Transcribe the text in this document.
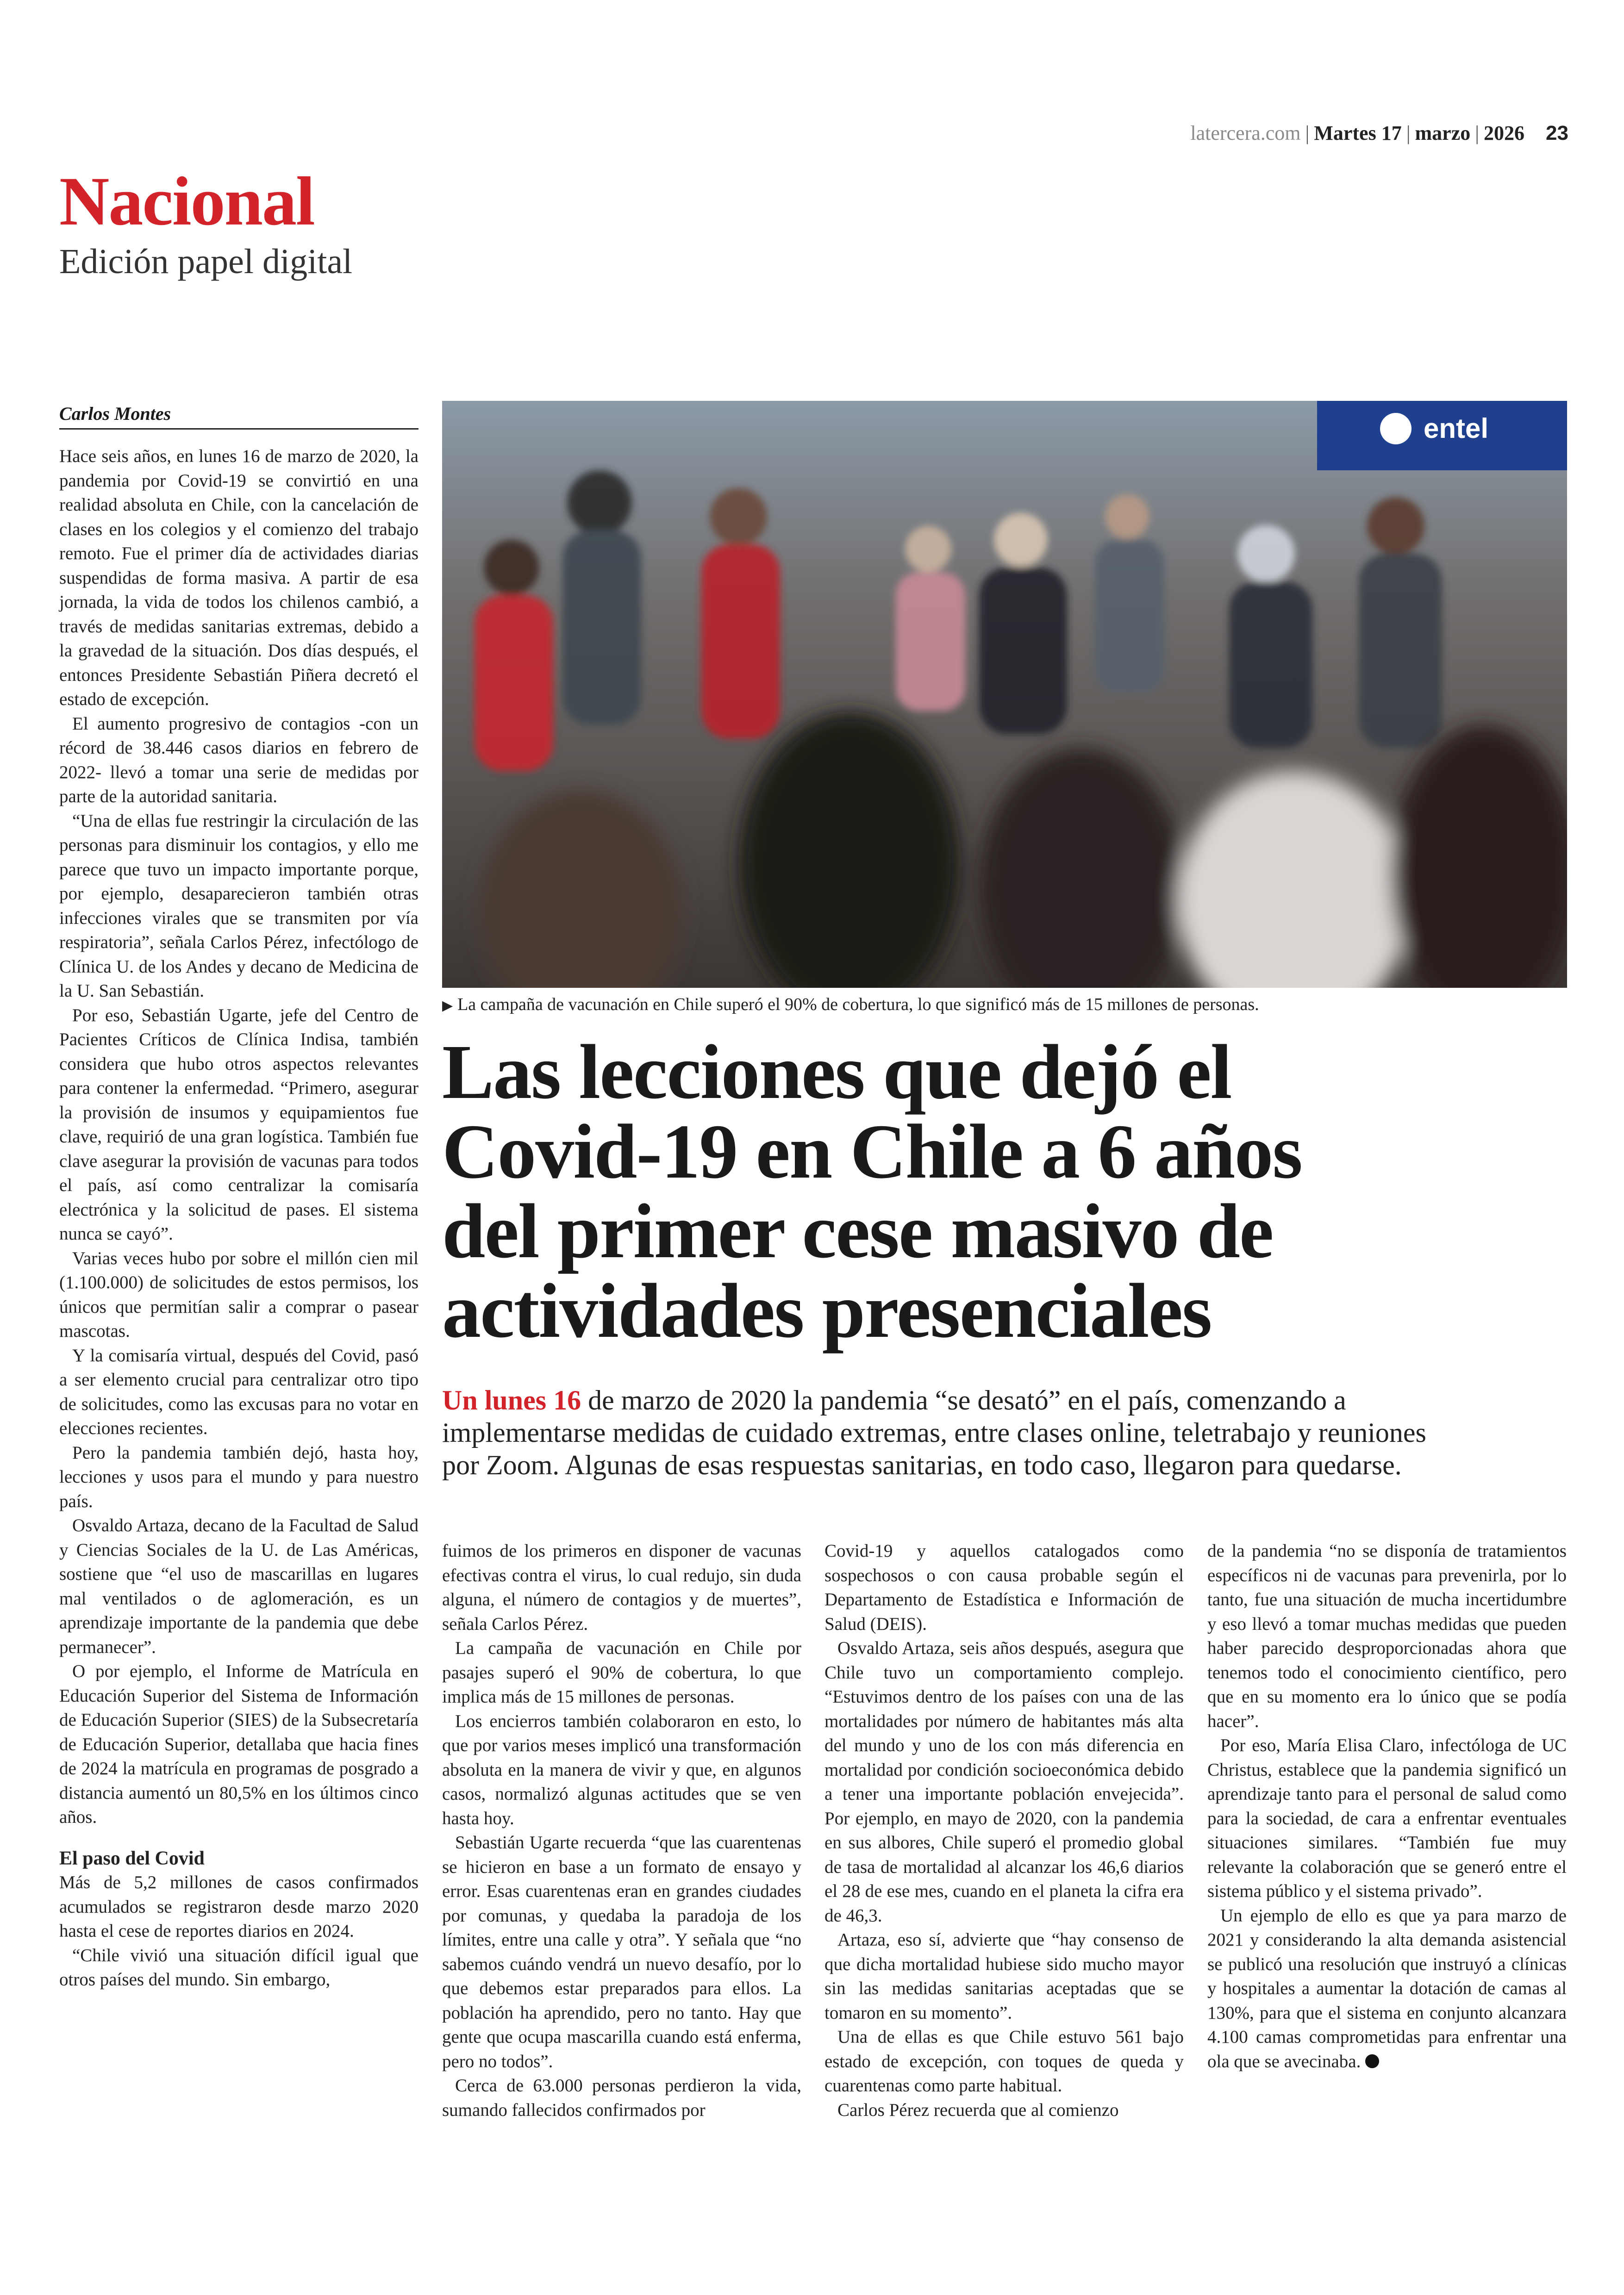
latercera.com | Martes 17 | marzo | 2026 23
Nacional
Edición papel digital
Carlos Montes

Hace seis años, en lunes 16 de marzo de 2020, la pandemia por Covid-19 se convirtió en una realidad absoluta en Chile, con la cancelación de clases en los colegios y el comienzo del trabajo remoto. Fue el primer día de actividades diarias suspendidas de forma masiva. A partir de esa jornada, la vida de todos los chilenos cambió, a través de medidas sanitarias extremas, debido a la gravedad de la situación. Dos días después, el entonces Presidente Sebastián Piñera decretó el estado de excepción.

El aumento progresivo de contagios -con un récord de 38.446 casos diarios en febrero de 2022- llevó a tomar una serie de medidas por parte de la autoridad sanitaria.

“Una de ellas fue restringir la circulación de las personas para disminuir los contagios, y ello me parece que tuvo un impacto importante porque, por ejemplo, desaparecieron también otras infecciones virales que se transmiten por vía respiratoria”, señala Carlos Pérez, infectólogo de Clínica U. de los Andes y decano de Medicina de la U. San Sebastián.

Por eso, Sebastián Ugarte, jefe del Centro de Pacientes Críticos de Clínica Indisa, también considera que hubo otros aspectos relevantes para contener la enfermedad. “Primero, asegurar la provisión de insumos y equipamientos fue clave, requirió de una gran logística. También fue clave asegurar la provisión de vacunas para todos el país, así como centralizar la comisaría electrónica y la solicitud de pases. El sistema nunca se cayó”.

Varias veces hubo por sobre el millón cien mil (1.100.000) de solicitudes de estos permisos, los únicos que permitían salir a comprar o pasear mascotas.

Y la comisaría virtual, después del Covid, pasó a ser elemento crucial para centralizar otro tipo de solicitudes, como las excusas para no votar en elecciones recientes.

Pero la pandemia también dejó, hasta hoy, lecciones y usos para el mundo y para nuestro país.

Osvaldo Artaza, decano de la Facultad de Salud y Ciencias Sociales de la U. de Las Américas, sostiene que “el uso de mascarillas en lugares mal ventilados o de aglomeración, es un aprendizaje importante de la pandemia que debe permanecer”.

O por ejemplo, el Informe de Matrícula en Educación Superior del Sistema de Información de Educación Superior (SIES) de la Subsecretaría de Educación Superior, detallaba que hacia fines de 2024 la matrícula en programas de posgrado a distancia aumentó un 80,5% en los últimos cinco años.

El paso del Covid

Más de 5,2 millones de casos confirmados acumulados se registraron desde marzo 2020 hasta el cese de reportes diarios en 2024.

“Chile vivió una situación difícil igual que otros países del mundo. Sin embargo,

entel
▶ La campaña de vacunación en Chile superó el 90% de cobertura, lo que significó más de 15 millones de personas.
Las lecciones que dejó el
Covid-19 en Chile a 6 años
del primer cese masivo de
actividades presenciales
Un lunes 16 de marzo de 2020 la pandemia “se desató” en el país, comenzando a
implementarse medidas de cuidado extremas, entre clases online, teletrabajo y reuniones
por Zoom. Algunas de esas respuestas sanitarias, en todo caso, llegaron para quedarse.

fuimos de los primeros en disponer de vacunas efectivas contra el virus, lo cual redujo, sin duda alguna, el número de contagios y de muertes”, señala Carlos Pérez.

La campaña de vacunación en Chile por pasajes superó el 90% de cobertura, lo que implica más de 15 millones de personas.

Los encierros también colaboraron en esto, lo que por varios meses implicó una transformación absoluta en la manera de vivir y que, en algunos casos, normalizó algunas actitudes que se ven hasta hoy.

Sebastián Ugarte recuerda “que las cuarentenas se hicieron en base a un formato de ensayo y error. Esas cuarentenas eran en grandes ciudades por comunas, y quedaba la paradoja de los límites, entre una calle y otra”. Y señala que “no sabemos cuándo vendrá un nuevo desafío, por lo que debemos estar preparados para ellos. La población ha aprendido, pero no tanto. Hay que gente que ocupa mascarilla cuando está enferma, pero no todos”.

Cerca de 63.000 personas perdieron la vida, sumando fallecidos confirmados por

Covid-19 y aquellos catalogados como sospechosos o con causa probable según el Departamento de Estadística e Información de Salud (DEIS).

Osvaldo Artaza, seis años después, asegura que Chile tuvo un comportamiento complejo. “Estuvimos dentro de los países con una de las mortalidades por número de habitantes más alta del mundo y uno de los con más diferencia en mortalidad por condición socioeconómica debido a tener una importante población envejecida”. Por ejemplo, en mayo de 2020, con la pandemia en sus albores, Chile superó el promedio global de tasa de mortalidad al alcanzar los 46,6 diarios el 28 de ese mes, cuando en el planeta la cifra era de 46,3.

Artaza, eso sí, advierte que “hay consenso de que dicha mortalidad hubiese sido mucho mayor sin las medidas sanitarias aceptadas que se tomaron en su momento”.

Una de ellas es que Chile estuvo 561 bajo estado de excepción, con toques de queda y cuarentenas como parte habitual.

Carlos Pérez recuerda que al comienzo

de la pandemia “no se disponía de tratamientos específicos ni de vacunas para prevenirla, por lo tanto, fue una situación de mucha incertidumbre y eso llevó a tomar muchas medidas que pueden haber parecido desproporcionadas ahora que tenemos todo el conocimiento científico, pero que en su momento era lo único que se podía hacer”.

Por eso, María Elisa Claro, infectóloga de UC Christus, establece que la pandemia significó un aprendizaje tanto para el personal de salud como para la sociedad, de cara a enfrentar eventuales situaciones similares. “También fue muy relevante la colaboración que se generó entre el sistema público y el sistema privado”.

Un ejemplo de ello es que ya para marzo de 2021 y considerando la alta demanda asistencial se publicó una resolución que instruyó a clínicas y hospitales a aumentar la dotación de camas al 130%, para que el sistema en conjunto alcanzara 4.100 camas comprometidas para enfrentar una ola que se avecinaba.
